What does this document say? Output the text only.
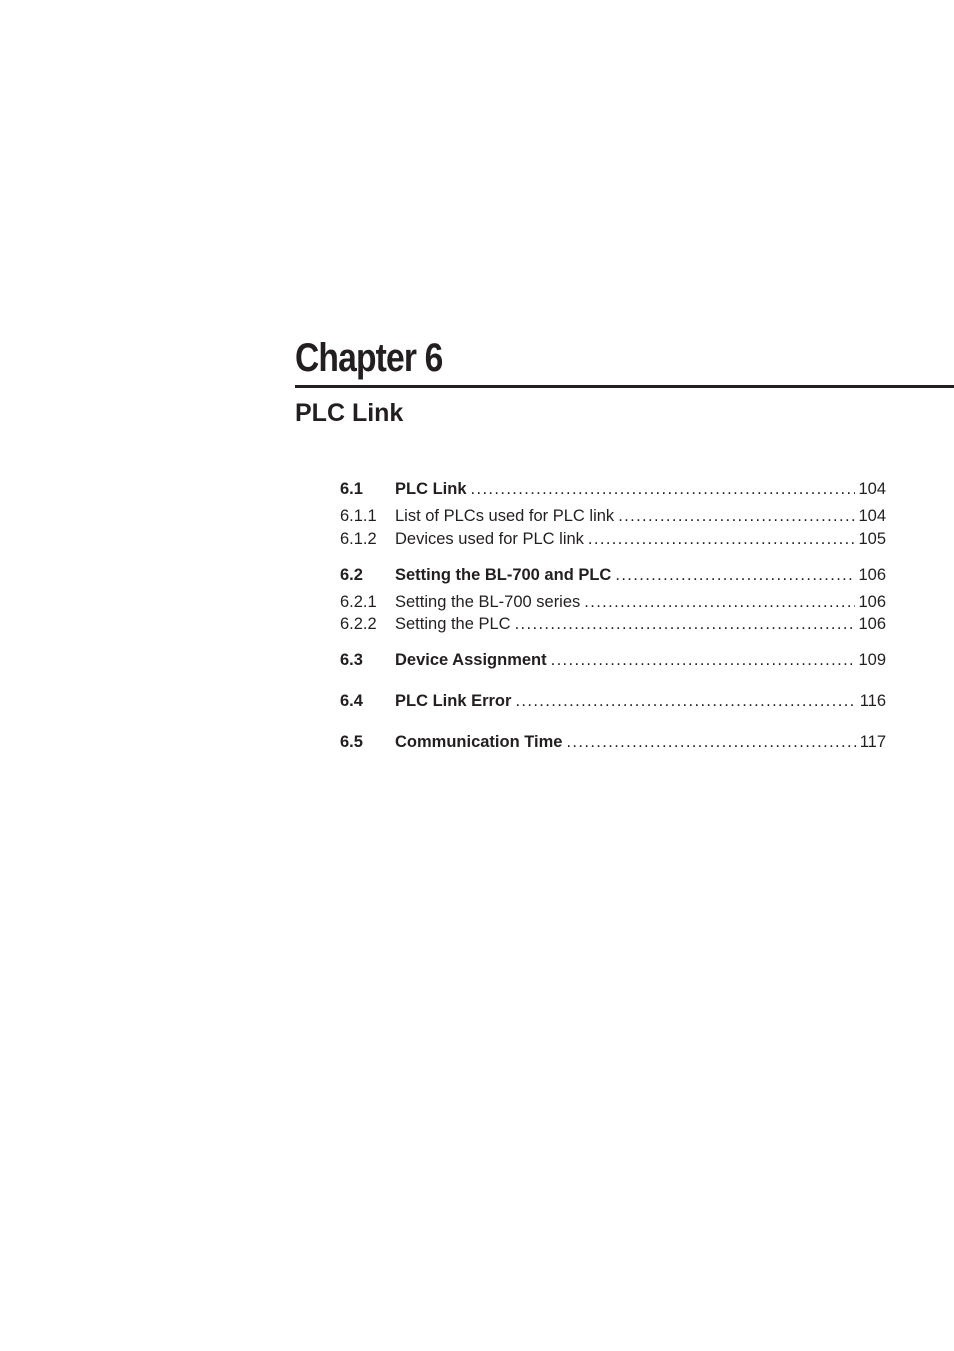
Chapter 6
PLC Link
6.1	PLC Link . . .	104
6.1.1	List of PLCs used for PLC link . . .	104
6.1.2	Devices used for PLC link . . .	105
6.2	Setting the BL-700 and PLC . . .	106
6.2.1	Setting the BL-700 series . . .	106
6.2.2	Setting the PLC . . .	106
6.3	Device Assignment . . .	109
6.4	PLC Link Error . . .	116
6.5	Communication Time . . .	117
